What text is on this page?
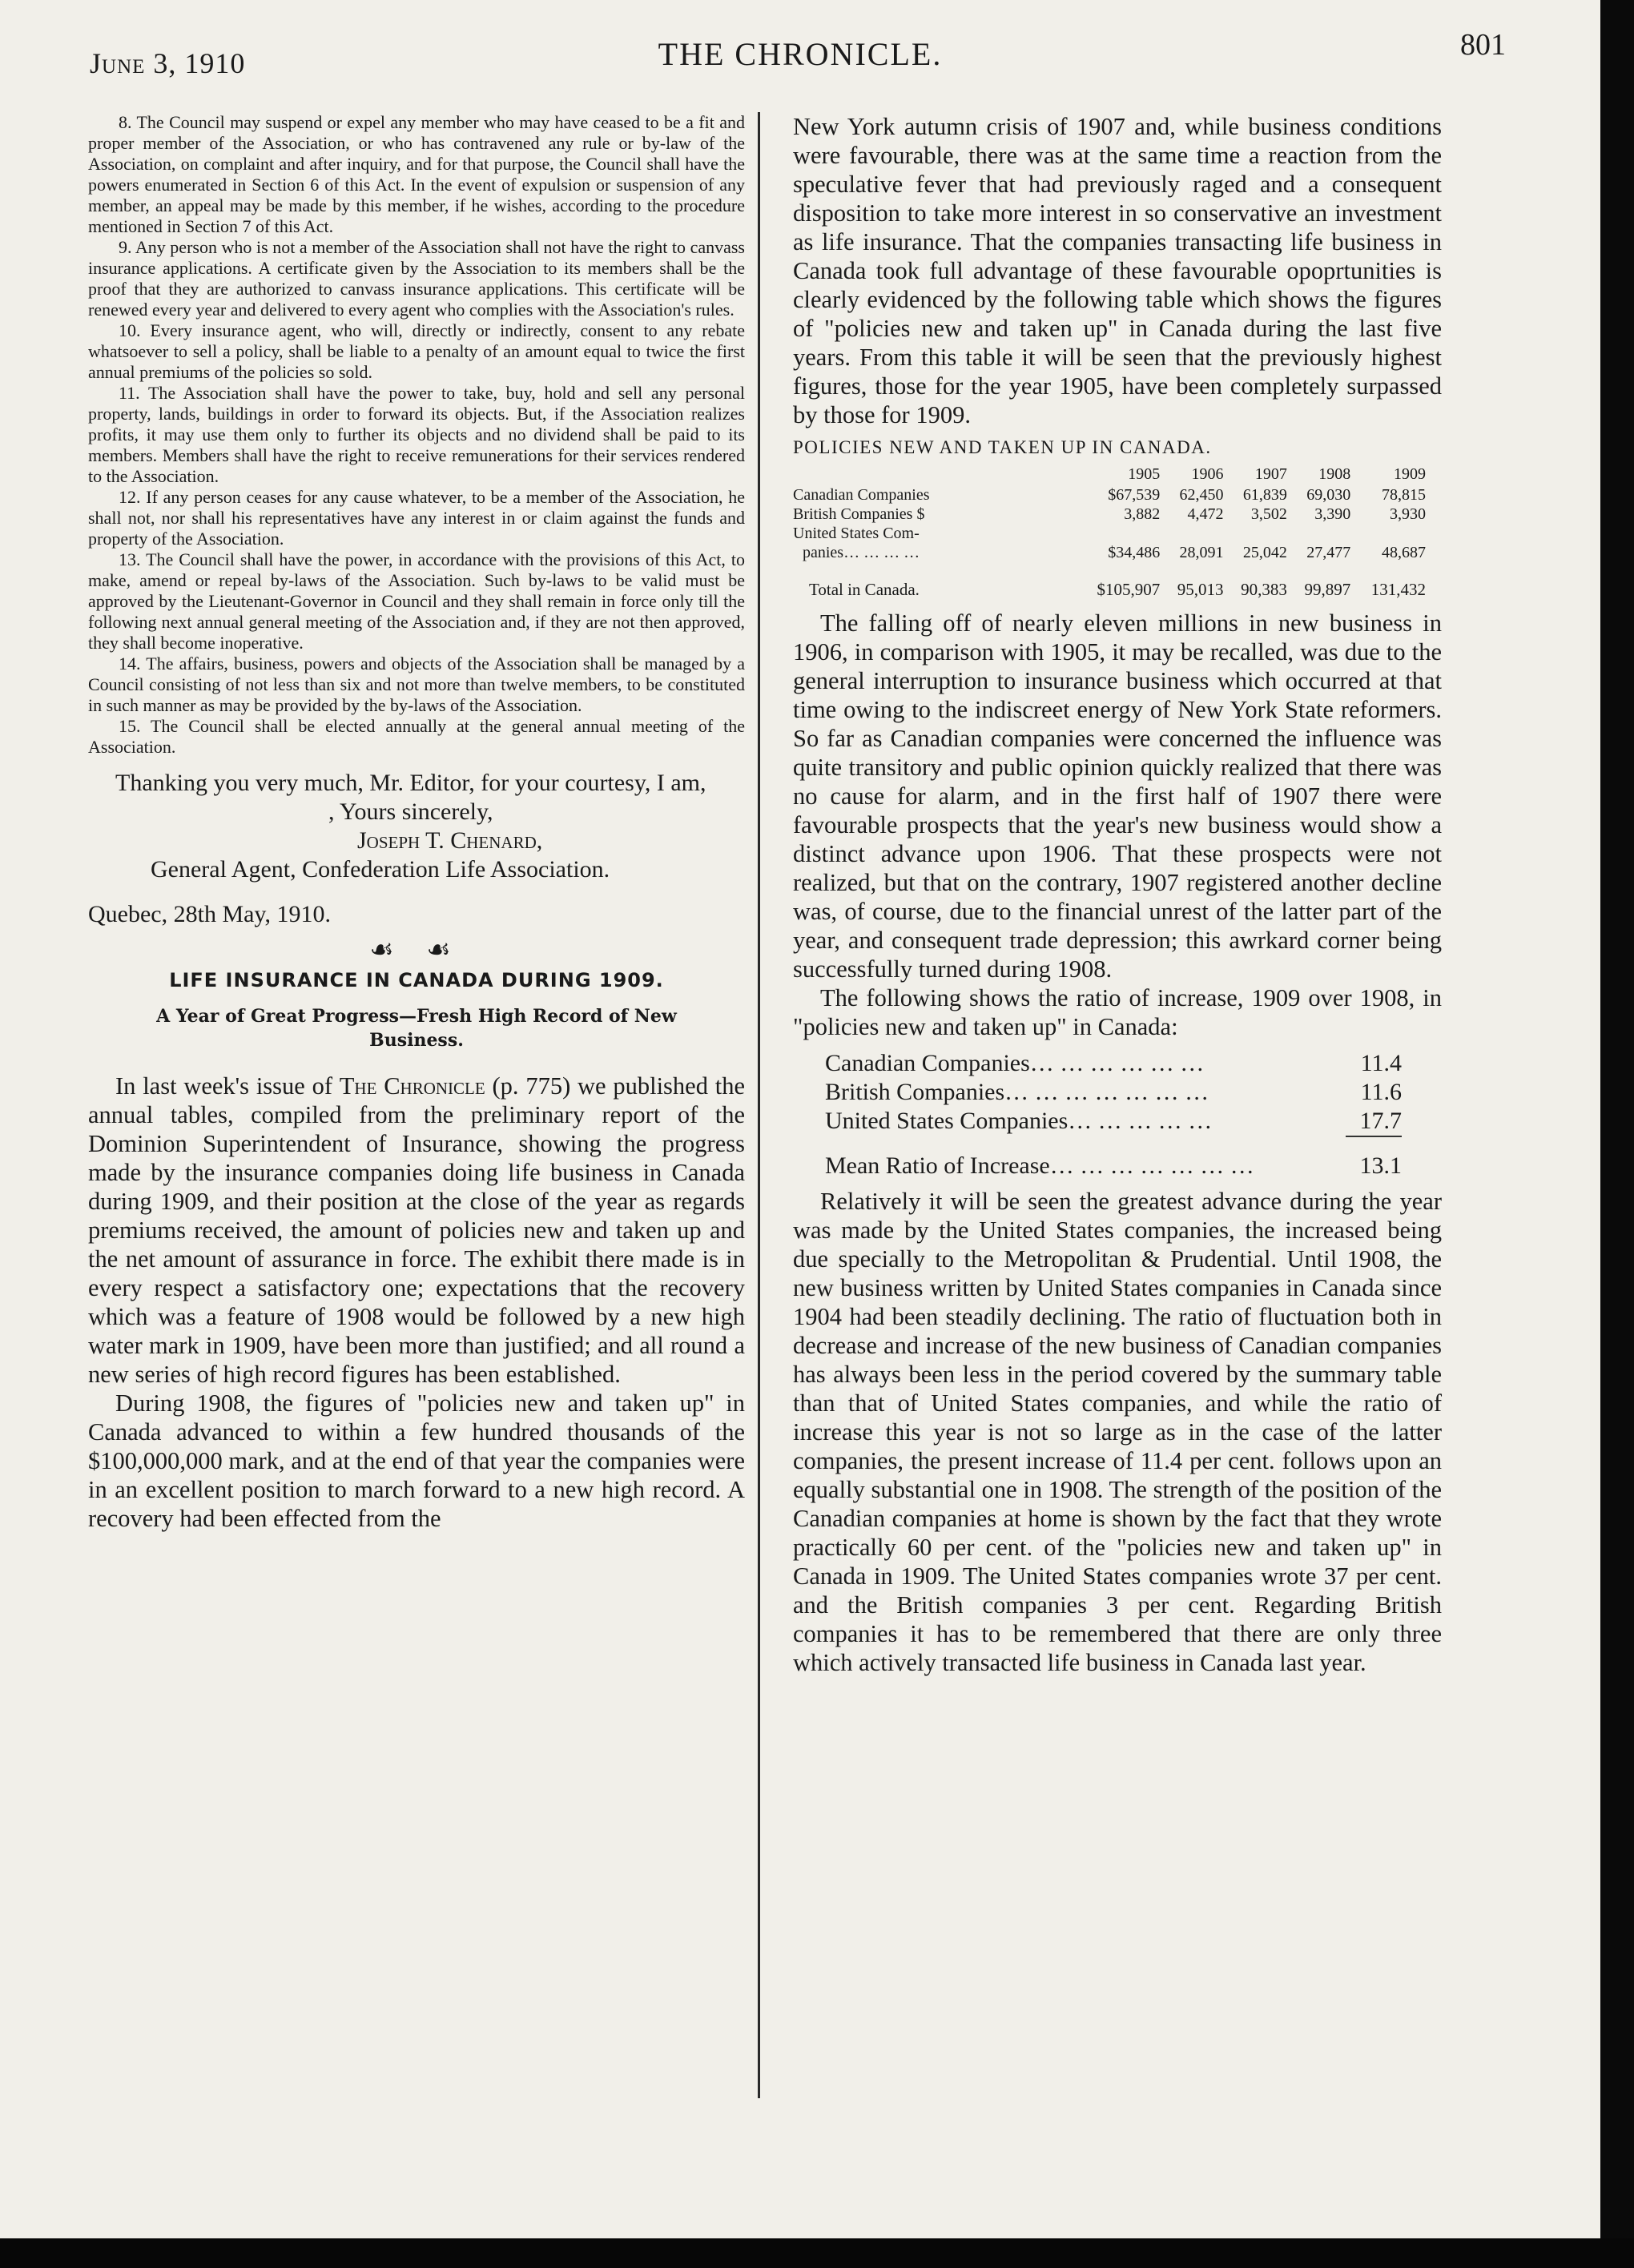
June 3, 1910	THE CHRONICLE.	801

8. The Council may suspend or expel any member who may have ceased to be a fit and proper member of the Association, or who has contravened any rule or by-law of the Association, on complaint and after inquiry, and for that purpose, the Council shall have the powers enumerated in Section 6 of this Act. In the event of expulsion or suspension of any member, an appeal may be made by this member, if he wishes, according to the procedure mentioned in Section 7 of this Act.

9. Any person who is not a member of the Association shall not have the right to canvass insurance applications. A certificate given by the Association to its members shall be the proof that they are authorized to canvass insurance applications. This certificate will be renewed every year and delivered to every agent who complies with the Association's rules.

10. Every insurance agent, who will, directly or indirectly, consent to any rebate whatsoever to sell a policy, shall be liable to a penalty of an amount equal to twice the first annual premiums of the policies so sold.

11. The Association shall have the power to take, buy, hold and sell any personal property, lands, buildings in order to forward its objects. But, if the Association realizes profits, it may use them only to further its objects and no dividend shall be paid to its members. Members shall have the right to receive remunerations for their services rendered to the Association.

12. If any person ceases for any cause whatever, to be a member of the Association, he shall not, nor shall his representatives have any interest in or claim against the funds and property of the Association.

13. The Council shall have the power, in accordance with the provisions of this Act, to make, amend or repeal by-laws of the Association. Such by-laws to be valid must be approved by the Lieutenant-Governor in Council and they shall remain in force only till the following next annual general meeting of the Association and, if they are not then approved, they shall become inoperative.

14. The affairs, business, powers and objects of the Association shall be managed by a Council consisting of not less than six and not more than twelve members, to be constituted in such manner as may be provided by the by-laws of the Association.

15. The Council shall be elected annually at the general annual meeting of the Association.

Thanking you very much, Mr. Editor, for your courtesy, I am,

, Yours sincerely,

Joseph T. Chenard,

General Agent, Confederation Life Association.

Quebec, 28th May, 1910.

☙ ☙
LIFE INSURANCE IN CANADA DURING 1909.
A Year of Great Progress—Fresh High Record of New Business.

In last week's issue of The Chronicle (p. 775) we published the annual tables, compiled from the preliminary report of the Dominion Superintendent of Insurance, showing the progress made by the insurance companies doing life business in Canada during 1909, and their position at the close of the year as regards premiums received, the amount of policies new and taken up and the net amount of assurance in force. The exhibit there made is in every respect a satisfactory one; expectations that the recovery which was a feature of 1908 would be followed by a new high water mark in 1909, have been more than justified; and all round a new series of high record figures has been established.

During 1908, the figures of "policies new and taken up" in Canada advanced to within a few hundred thousands of the $100,000,000 mark, and at the end of that year the companies were in an excellent position to march forward to a new high record. A recovery had been effected from the

New York autumn crisis of 1907 and, while business conditions were favourable, there was at the same time a reaction from the speculative fever that had previously raged and a consequent disposition to take more interest in so conservative an investment as life insurance. That the companies transacting life business in Canada took full advantage of these favourable opoprtunities is clearly evidenced by the following table which shows the figures of "policies new and taken up" in Canada during the last five years. From this table it will be seen that the previously highest figures, those for the year 1905, have been completely surpassed by those for 1909.

POLICIES NEW AND TAKEN UP IN CANADA.
	1905	1906	1907	1908	1909
Canadian Companies	$67,539	62,450	61,839	69,030	78,815
British Companies $	3,882	4,472	3,502	3,390	3,930
United States Com-					
panies… … … …	$34,486	28,091	25,042	27,477	48,687
Total in Canada.	$105,907	95,013	90,383	99,897	131,432

The falling off of nearly eleven millions in new business in 1906, in comparison with 1905, it may be recalled, was due to the general interruption to insurance business which occurred at that time owing to the indiscreet energy of New York State reformers. So far as Canadian companies were concerned the influence was quite transitory and public opinion quickly realized that there was no cause for alarm, and in the first half of 1907 there were favourable prospects that the year's new business would show a distinct advance upon 1906. That these prospects were not realized, but that on the contrary, 1907 registered another decline was, of course, due to the financial unrest of the latter part of the year, and consequent trade depression; this awrkard corner being successfully turned during 1908.

The following shows the ratio of increase, 1909 over 1908, in "policies new and taken up" in Canada:

Canadian Companies… … … … … …	11.4
British Companies… … … … … … …	11.6
United States Companies… … … … …	17.7
Mean Ratio of Increase… … … … … … …	13.1

Relatively it will be seen the greatest advance during the year was made by the United States companies, the increased being due specially to the Metropolitan & Prudential. Until 1908, the new business written by United States companies in Canada since 1904 had been steadily declining. The ratio of fluctuation both in decrease and increase of the new business of Canadian companies has always been less in the period covered by the summary table than that of United States companies, and while the ratio of increase this year is not so large as in the case of the latter companies, the present increase of 11.4 per cent. follows upon an equally substantial one in 1908. The strength of the position of the Canadian companies at home is shown by the fact that they wrote practically 60 per cent. of the "policies new and taken up" in Canada in 1909. The United States companies wrote 37 per cent. and the British companies 3 per cent. Regarding British companies it has to be remembered that there are only three which actively transacted life business in Canada last year.
